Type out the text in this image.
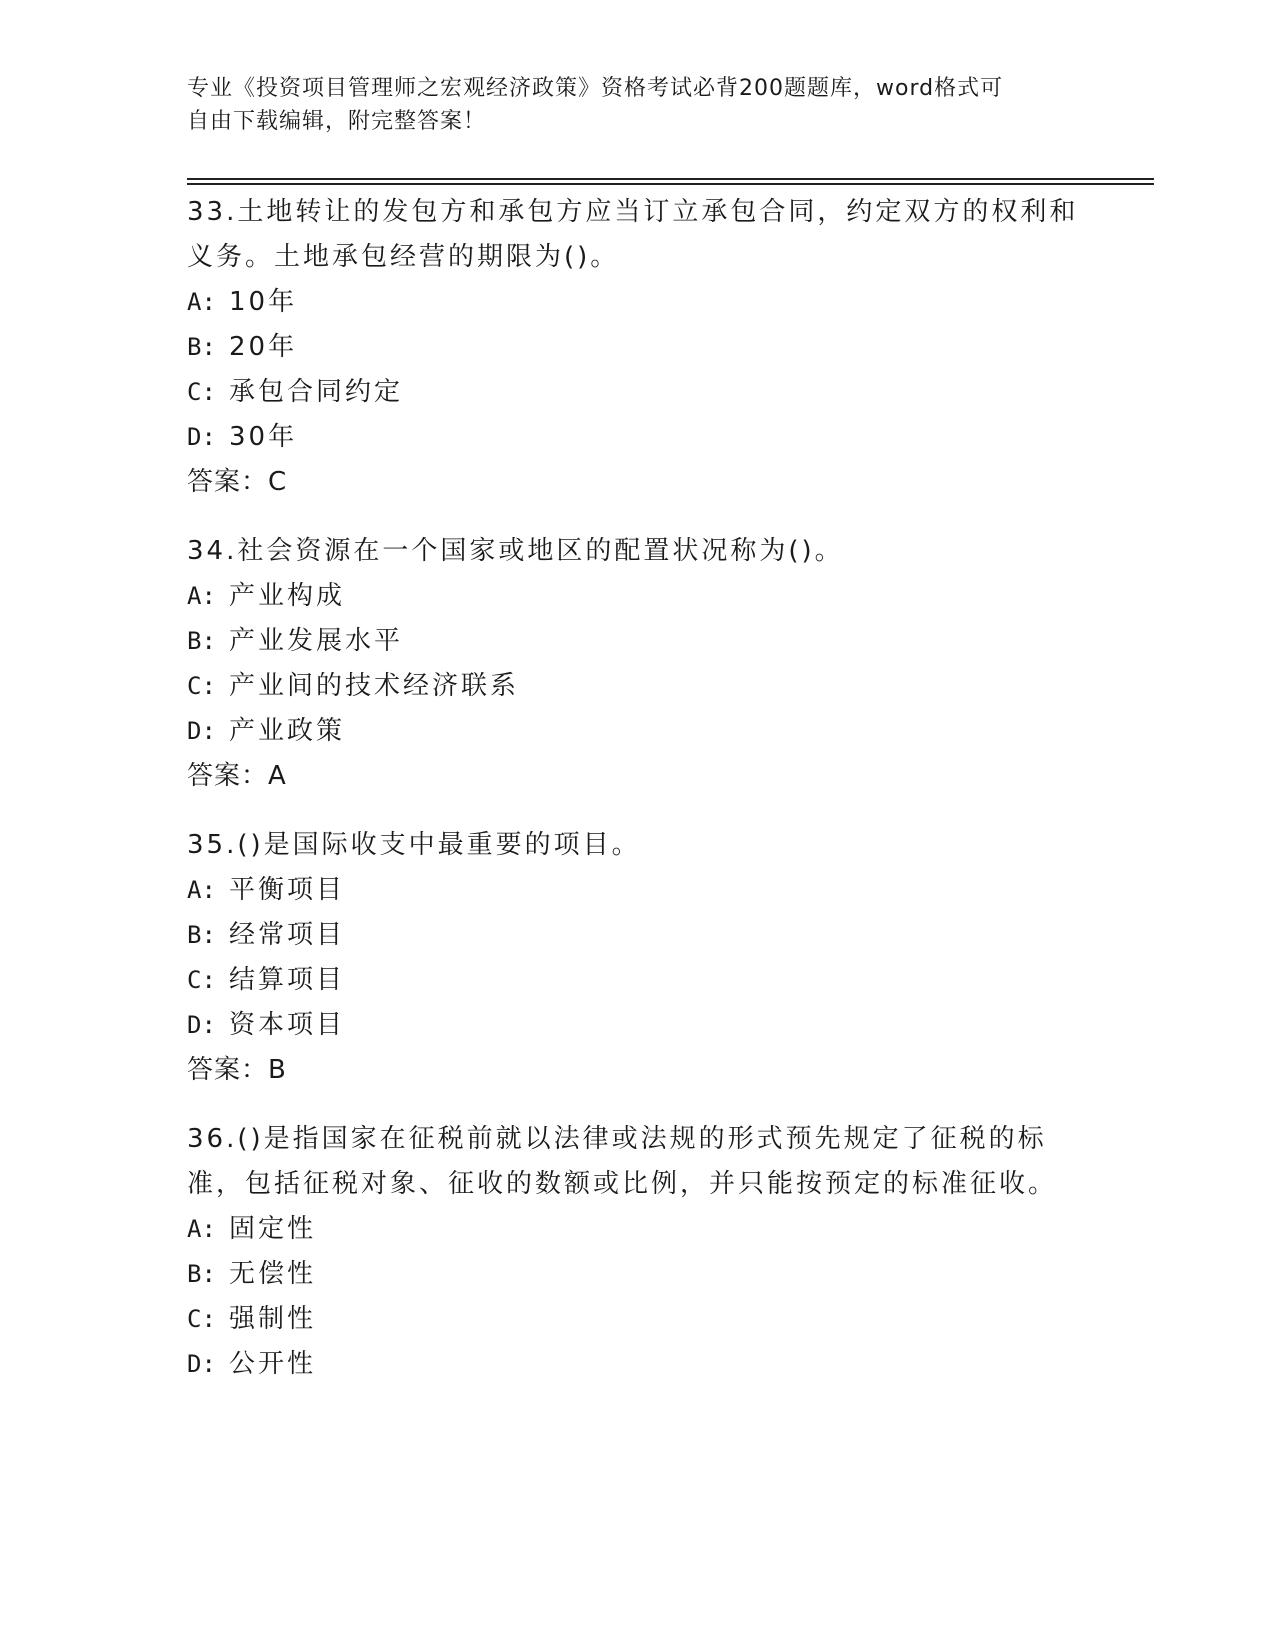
专业《投资项目管理师之宏观经济政策》资格考试必背200题题库，word格式可
自由下载编辑，附完整答案！

33.土地转让的发包方和承包方应当订立承包合同，约定双方的权利和义务。土地承包经营的期限为()。

A: 10年

B: 20年

C: 承包合同约定

D: 30年

答案：C

34.社会资源在一个国家或地区的配置状况称为()。

A: 产业构成

B: 产业发展水平

C: 产业间的技术经济联系

D: 产业政策

答案：A

35.()是国际收支中最重要的项目。

A: 平衡项目

B: 经常项目

C: 结算项目

D: 资本项目

答案：B

36.()是指国家在征税前就以法律或法规的形式预先规定了征税的标准，包括征税对象、征收的数额或比例，并只能按预定的标准征收。

A: 固定性

B: 无偿性

C: 强制性

D: 公开性
